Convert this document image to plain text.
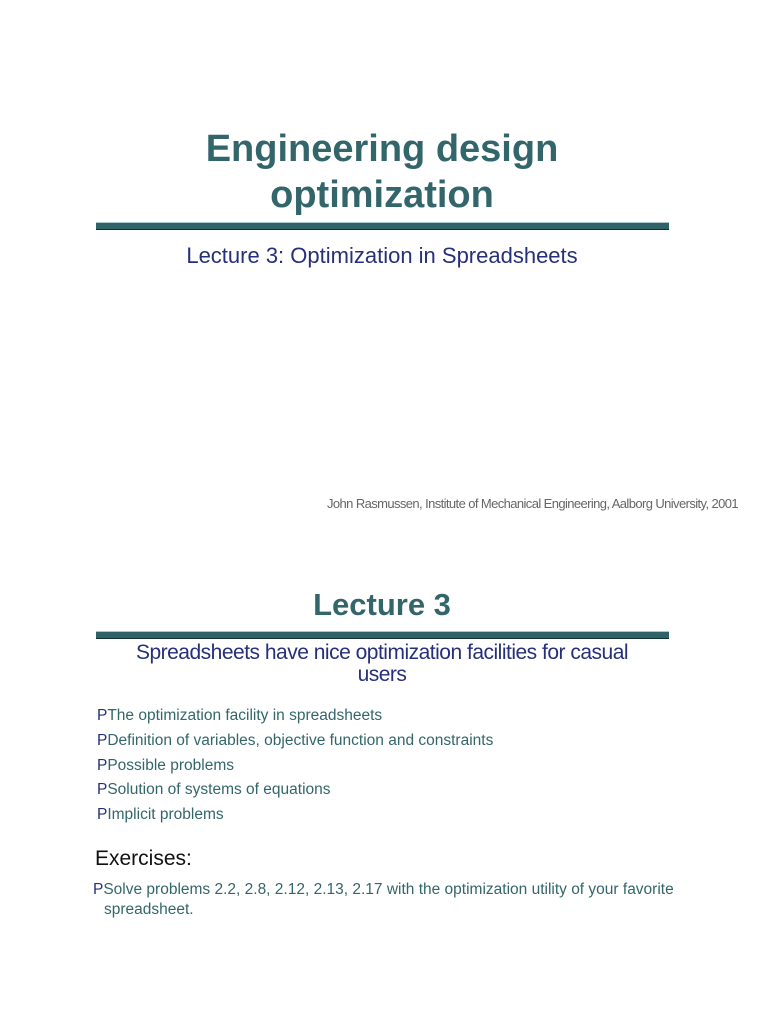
Engineering design
optimization

Lecture 3: Optimization in Spreadsheets

John Rasmussen, Institute of Mechanical Engineering, Aalborg University, 2001

Lecture 3

Spreadsheets have nice optimization facilities for casual
users

PThe optimization facility in spreadsheets
PDefinition of variables, objective function and constraints
PPossible problems
PSolution of systems of equations
PImplicit problems

Exercises:

PSolve problems 2.2, 2.8, 2.12, 2.13, 2.17 with the optimization utility of your favorite
spreadsheet.
